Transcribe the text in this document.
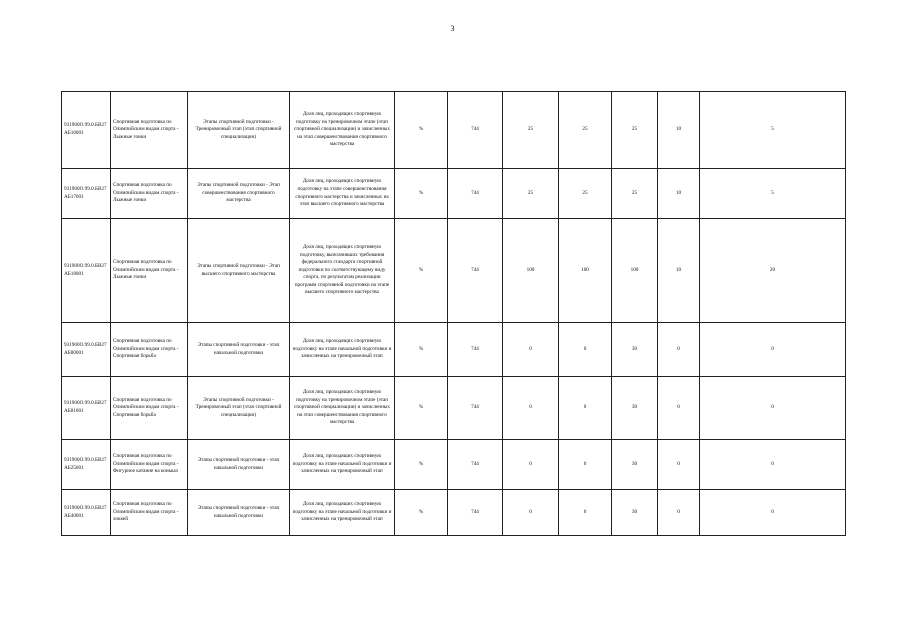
3
931900О.99.0.БВ27АБ16001	Спортивная подготовка по Олимпийским видам спорта - Лыжные гонки	Этапы спортивной подготовки - Тренировочный этап (этап спортивной специализации)	Доля лиц, проходящих спортивную подготовку на тренировочном этапе (этап спортивной специализации) и зачисленных на этап совершенствования спортивного мастерства	%	744	25	25	25	10	5
931900О.99.0.БВ27АБ17001	Спортивная подготовка по Олимпийским видам спорта - Лыжные гонки	Этапы спортивной подготовки - Этап совершенствования спортивного мастерства	Доля лиц, проходящих спортивную подготовку на этапе совершенствования спортивного мастерства и зачисленных на этап высшего спортивного мастерства	%	744	25	25	25	10	5
931900О.99.0.БВ27АБ18001	Спортивная подготовка по Олимпийским видам спорта - Лыжные гонки	Этапы спортивной подготовки - Этап высшего спортивного мастерства	Доля лиц, проходящих спортивную подготовку, выполнивших требования федерального стандарта спортивной подготовки по соответствующему виду спорта, по результатам реализации программ спортивной подготовки на этапе высшего спортивного мастерства	%	744	100	100	100	10	20
931900О.99.0.БВ27АБ80001	Спортивная подготовка по Олимпийским видам спорта - Спортивная борьба	Этапы спортивной подготовки - этап начальной подготовки	Доля лиц, проходящих спортивную подготовку на этапе начальной подготовки и зачисленных на тренировочный этап	%	744	0	0	30	0	0
931900О.99.0.БВ27АБ81001	Спортивная подготовка по Олимпийским видам спорта - Спортивная борьба	Этапы спортивной подготовки - Тренировочный этап (этап спортивной специализации)	Доля лиц, проходящих спортивную подготовку на тренировочном этапе (этап спортивной специализации) и зачисленных на этап совершенствования спортивного мастерства	%	744	0	0	30	0	0
931900О.99.0.БВ27АБ25001	Спортивная подготовка по Олимпийским видам спорта - Фигурное катание на коньках	Этапы спортивной подготовки - этап начальной подготовки	Доля лиц, проходящих спортивную подготовку на этапе начальной подготовки и зачисленных на тренировочный этап	%	744	0	0	30	0	0
931900О.99.0.БВ27АБ40001	Спортивная подготовка по Олимпийским видам спорта - хоккей	Этапы спортивной подготовки - этап начальной подготовки	Доля лиц, проходящих спортивную подготовку на этапе начальной подготовки и зачисленных на тренировочный этап	%	744	0	0	30	0	0
